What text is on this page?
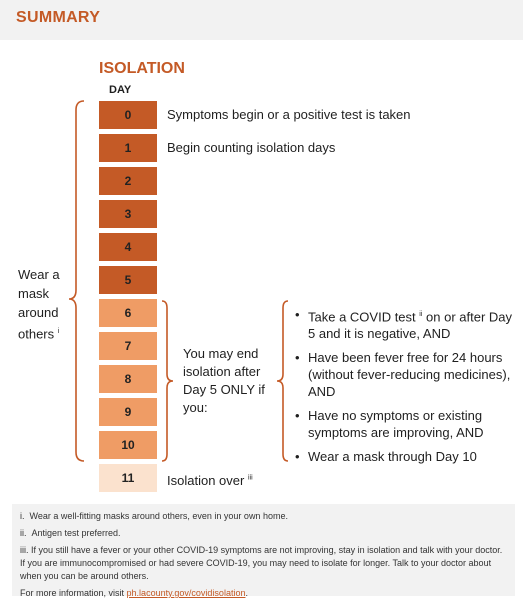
SUMMARY
ISOLATION
DAY
0
1
2
3
4
5
6
7
8
9
10
11
Symptoms begin or a positive test is taken
Begin counting isolation days
Isolation over $^{iii}$
Wear a mask around others $^i$
You may end isolation after Day 5 ONLY if you:
• Take a COVID test $^{ii}$ on or after Day 5 and it is negative, AND
• Have been fever free for 24 hours (without fever-reducing medicines), AND
• Have no symptoms or existing symptoms are improving, AND
• Wear a mask through Day 10

i.  Wear a well-fitting masks around others, even in your own home.

ii.  Antigen test preferred.

iii. If you still have a fever or your other COVID-19 symptoms are not improving, stay in isolation and talk with your doctor. If you are immunocompromised or had severe COVID-19, you may need to isolate for longer. Talk to your doctor about when you can be around others.

For more information, visit ph.lacounty.gov/covidisolation.
